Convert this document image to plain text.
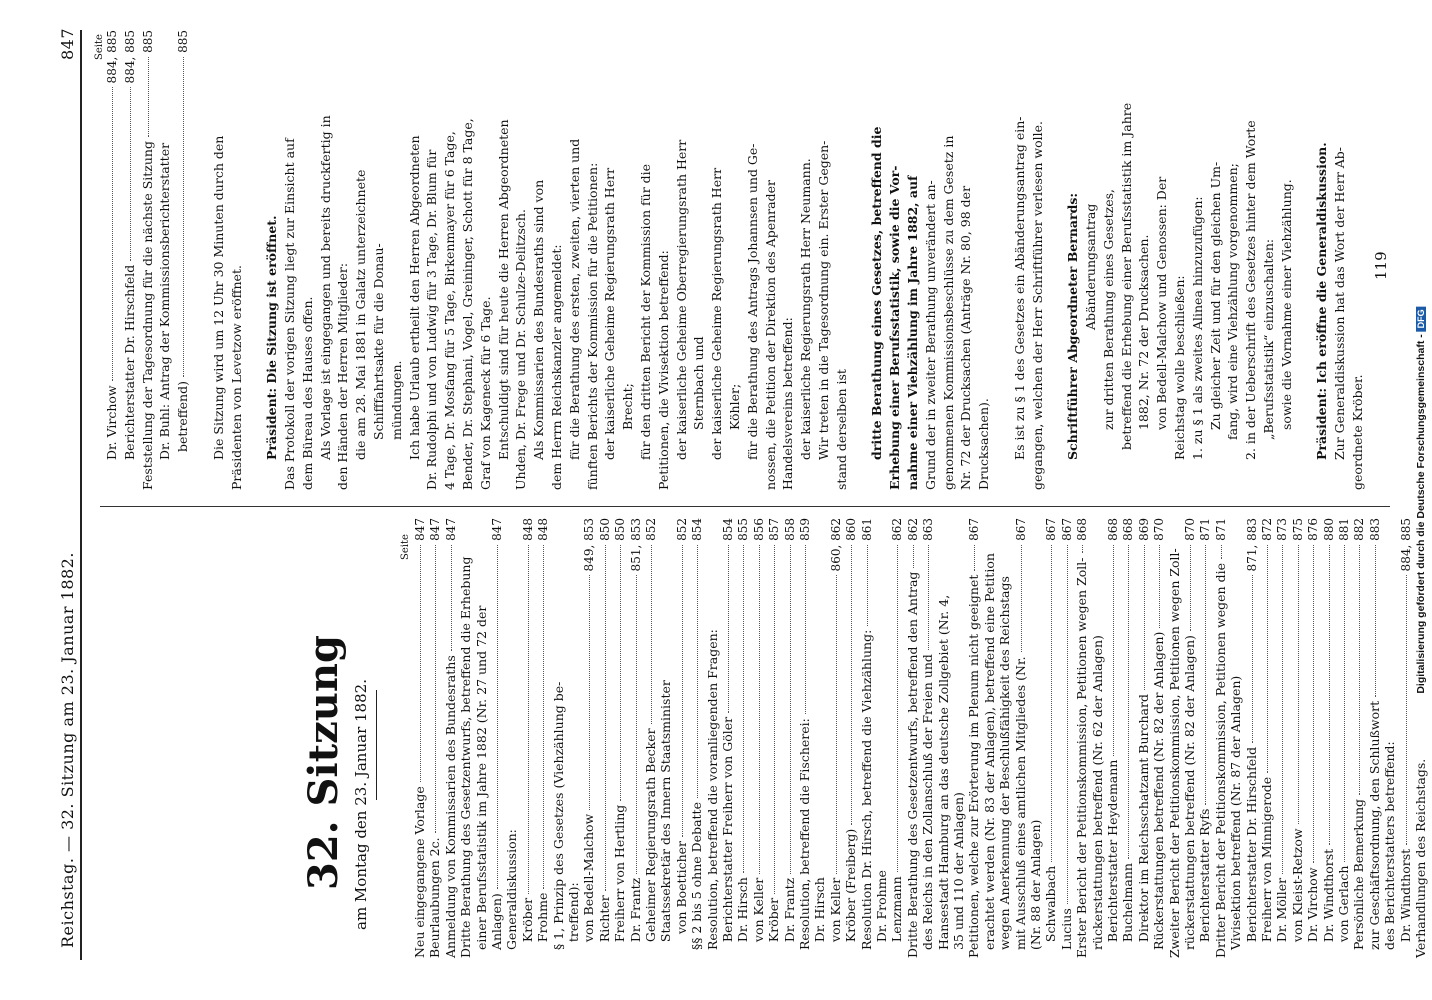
Digitalisierung gefördert durch die Deutsche Forschungsgemeinschaft - DFG
Reichstag. — 32. Sitzung am 23. Januar 1882.
847
32. Sitzung am Montag den 23. Januar 1882.
Seite
Neu eingegangene Vorlage
847
Beurlaubungen 2c.
847
Anmeldung von Kommissarien des Bundesraths
847
Dritte Berathung des Gesetzentwurfs, betreffend die Erhebung einer Berufsstatistik im Jahre 1882 (Nr. 27 und 72 der Anlagen)
847
Generaldiskussion: Kröber
848
Frohme
848
§ 1, Prinzip des Gesetzes (Viehzählung be- treffend): von Bedell-Malchow
849, 853
Richter
850
Freiherr von Hertling
850
Dr. Frantz
851, 853
Geheimer Regierungsrath Becker
852
Staatssekretär des Innern Staatsminister von Boetticher
852
§§ 2 bis 5 ohne Debatte
854
Resolution, betreffend die voranliegenden Fragen: Berichterstatter Freiherr von Göler
854
Dr. Hirsch
855
von Keller
856
Kröber
857
Dr. Frantz
858
Resolution, betreffend die Fischerei:
859
Dr. Hirsch von Keller
860, 862
Kröber (Freiberg)
860
Resolution Dr. Hirsch, betreffend die Viehzählung:
861
Dr. Frohme Lenzmann
862
Dritte Berathung des Gesetzentwurfs, betreffend den Antrag
862
des Reichs in den Zollanschluß der Freien und
863
Hansestadt Hamburg an das deutsche Zollgebiet (Nr. 4, 35 und 110 der Anlagen) Petitionen, welche zur Erörterung im Plenum nicht geeignet
867
erachtet werden (Nr. 83 der Anlagen), betreffend eine Petition wegen Anerkennung der Beschlußfähigkeit des Reichstags mit Ausschluß eines amtlichen Mitgliedes (Nr.
867
(Nr. 88 der Anlagen) Schwalbach
867
Lucius
867
Erster Bericht der Petitionskommission, Petitionen wegen Zoll-
868
rückerstattungen betreffend (Nr. 62 der Anlagen) Berichterstatter Heydemann
868
Buchelmann
868
Direktor im Reichsschatzamt Burchard
869
Rückerstattungen betreffend (Nr. 82 der Anlagen)
870
Zweiter Bericht der Petitionskommission, Petitionen wegen Zoll- rückerstattungen betreffend (Nr. 82 der Anlagen)
870
Berichterstatter Ryfs
871
Dritter Bericht der Petitionskommission, Petitionen wegen die
871
Vivisektion betreffend (Nr. 87 der Anlagen) Berichterstatter Dr. Hirschfeld
871, 883
Freiherr von Minnigerode
872
Dr. Möller
873
von Kleist-Retzow
875
Dr. Virchow
876
Dr. Windthorst
880
von Gerlach
881
Persönliche Bemerkung
882
zur Geschäftsordnung, den Schlußwort
883
des Berichterstatters betreffend: Dr. Windthorst
884, 885
Verhandlungen des Reichstags.
Seite
Dr. Virchow
884, 885
Berichterstatter Dr. Hirschfeld
884, 885
Feststellung der Tagesordnung für die nächste Sitzung
885
Dr. Buhl: Antrag der Kommissionsberichterstatter betreffend)
885
Die Sitzung wird um 12 Uhr 30 Minuten durch den Präsidenten von Levetzow eröffnet. Präsident: Die Sitzung ist eröffnet. Das Protokoll der vorigen Sitzung liegt zur Einsicht auf dem Büreau des Hauses offen. Als Vorlage ist eingegangen und bereits druckfertig in den Händen der Herren Mitglieder: die am 28. Mai 1881 in Galatz unterzeichnete Schifffahrtsakte für die Donau- mündungen. Ich habe Urlaub ertheilt den Herren Abgeordneten Dr. Rudolphi und von Ludwig für 3 Tage, Dr. Blum für 4 Tage, Dr. Mosfang für 5 Tage, Birkenmayer für 6 Tage, Bender, Dr. Stephani, Vogel, Greininger, Schott für 8 Tage, Graf von Kageneck für 6 Tage. Entschuldigt sind für heute die Herren Abgeordneten Uhden, Dr. Frege und Dr. Schulze-Delitzsch. Als Kommissarien des Bundesraths sind von dem Herrn Reichskanzler angemeldet: für die Berathung des ersten, zweiten, vierten und fünften Berichts der Kommission für die Petitionen: der kaiserliche Geheime Regierungsrath Herr Brecht; für den dritten Bericht der Kommission für die Petitionen, die Vivisektion betreffend: der kaiserliche Geheime Oberregierungsrath Herr Sternbach und der kaiserliche Geheime Regierungsrath Herr Köhler; für die Berathung des Antrags Johannsen und Ge- nossen, die Petition der Direktion des Apenrader Handelsvereins betreffend: der kaiserliche Regierungsrath Herr Neumann. Wir treten in die Tagesordnung ein. Erster Gegen- stand derselben ist dritte Berathung eines Gesetzes, betreffend die Erhebung einer Berufsstatistik, sowie die Vor- nahme einer Viehzählung im Jahre 1882, auf Grund der in zweiter Berathung unverändert an- genommenen Kommissionsbeschlüsse zu dem Gesetz in Nr. 72 der Drucksachen (Anträge Nr. 80, 98 der Drucksachen). Es ist zu § 1 des Gesetzes ein Abänderungsantrag ein- gegangen, welchen der Herr Schriftführer verlesen wolle. Schriftführer Abgeordneter Bernards: Abänderungsantrag zur dritten Berathung eines Gesetzes, betreffend die Erhebung einer Berufsstatistik im Jahre 1882, Nr. 72 der Drucksachen. von Bedell-Malchow und Genossen: Der Reichstag wolle beschließen: 1. zu § 1 als zweites Alinea hinzuzufügen: Zu gleicher Zeit und für den gleichen Um- fang, wird eine Viehzählung vorgenommen; 2. in der Ueberschrift des Gesetzes hinter dem Worte „Berufsstatistik“ einzuschalten: sowie die Vornahme einer Viehzählung. Präsident: Ich eröffne die Generaldiskussion. Zur Generaldiskussion hat das Wort der Herr Ab- geordnete Kröber.
119
